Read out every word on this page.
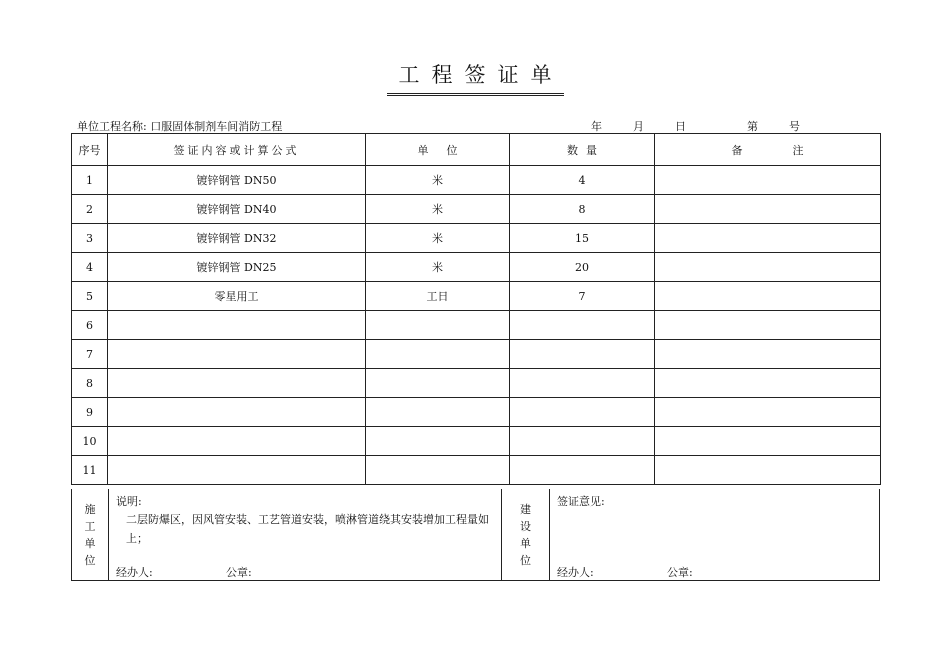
工程签证单
单位工程名称: 口服固体制剂车间消防工程	年	月	日	第	号
序号	签证内容或计算公式	单位	数量	备注
1	镀锌钢管 DN50	米	4	
2	镀锌钢管 DN40	米	8	
3	镀锌钢管 DN32	米	15	
4	镀锌钢管 DN25	米	20	
5	零星用工	工日	7	
6				
7				
8				
9				
10				
11				
施
工
单
位
说明:
二层防爆区，因风管安装、工艺管道安装，喷淋管道绕其安装增加工程量如上；
经办人:	公章:
建
设
单
位
签证意见:
经办人:	公章:
